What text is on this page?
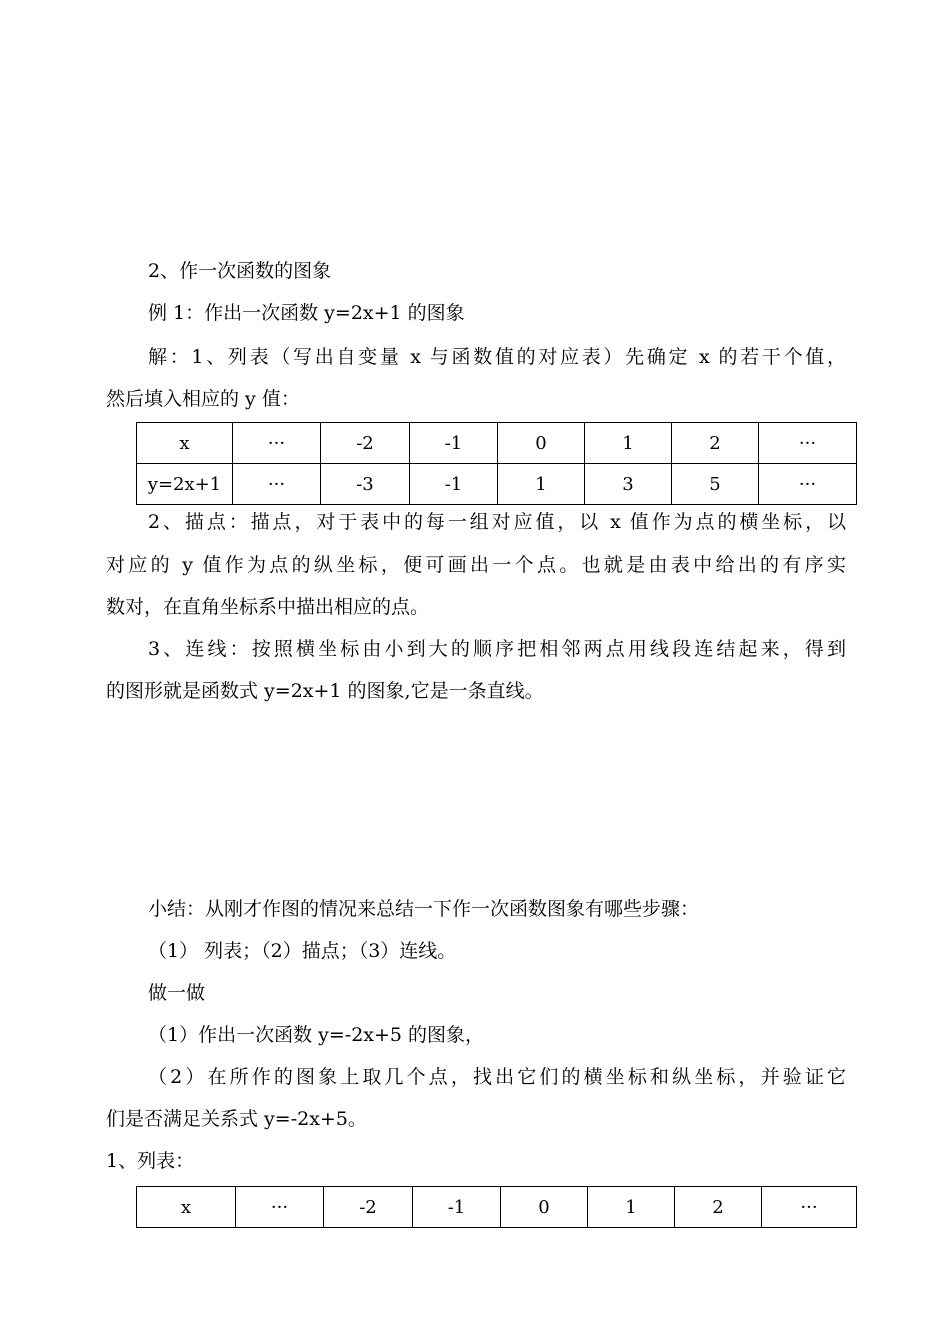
2、作一次函数的图象
例 1：作出一次函数 y=2x+1 的图象
解：1、列表（写出自变量 x 与函数值的对应表）先确定 x 的若干个值，
然后填入相应的 y 值：
x	···	-2	-1	0	1	2	···
y=2x+1	···	-3	-1	1	3	5	···
2、描点：描点，对于表中的每一组对应值，以 x 值作为点的横坐标，以
对应的 y 值作为点的纵坐标，便可画出一个点。也就是由表中给出的有序实
数对，在直角坐标系中描出相应的点。
3、连线：按照横坐标由小到大的顺序把相邻两点用线段连结起来，得到
的图形就是函数式 y=2x+1 的图象,它是一条直线。
小结：从刚才作图的情况来总结一下作一次函数图象有哪些步骤：
（1） 列表；（2）描点；（3）连线。
做一做
（1）作出一次函数 y=-2x+5 的图象，
（2）在所作的图象上取几个点，找出它们的横坐标和纵坐标，并验证它
们是否满足关系式 y=-2x+5。
1、列表：
x	···	-2	-1	0	1	2	···
